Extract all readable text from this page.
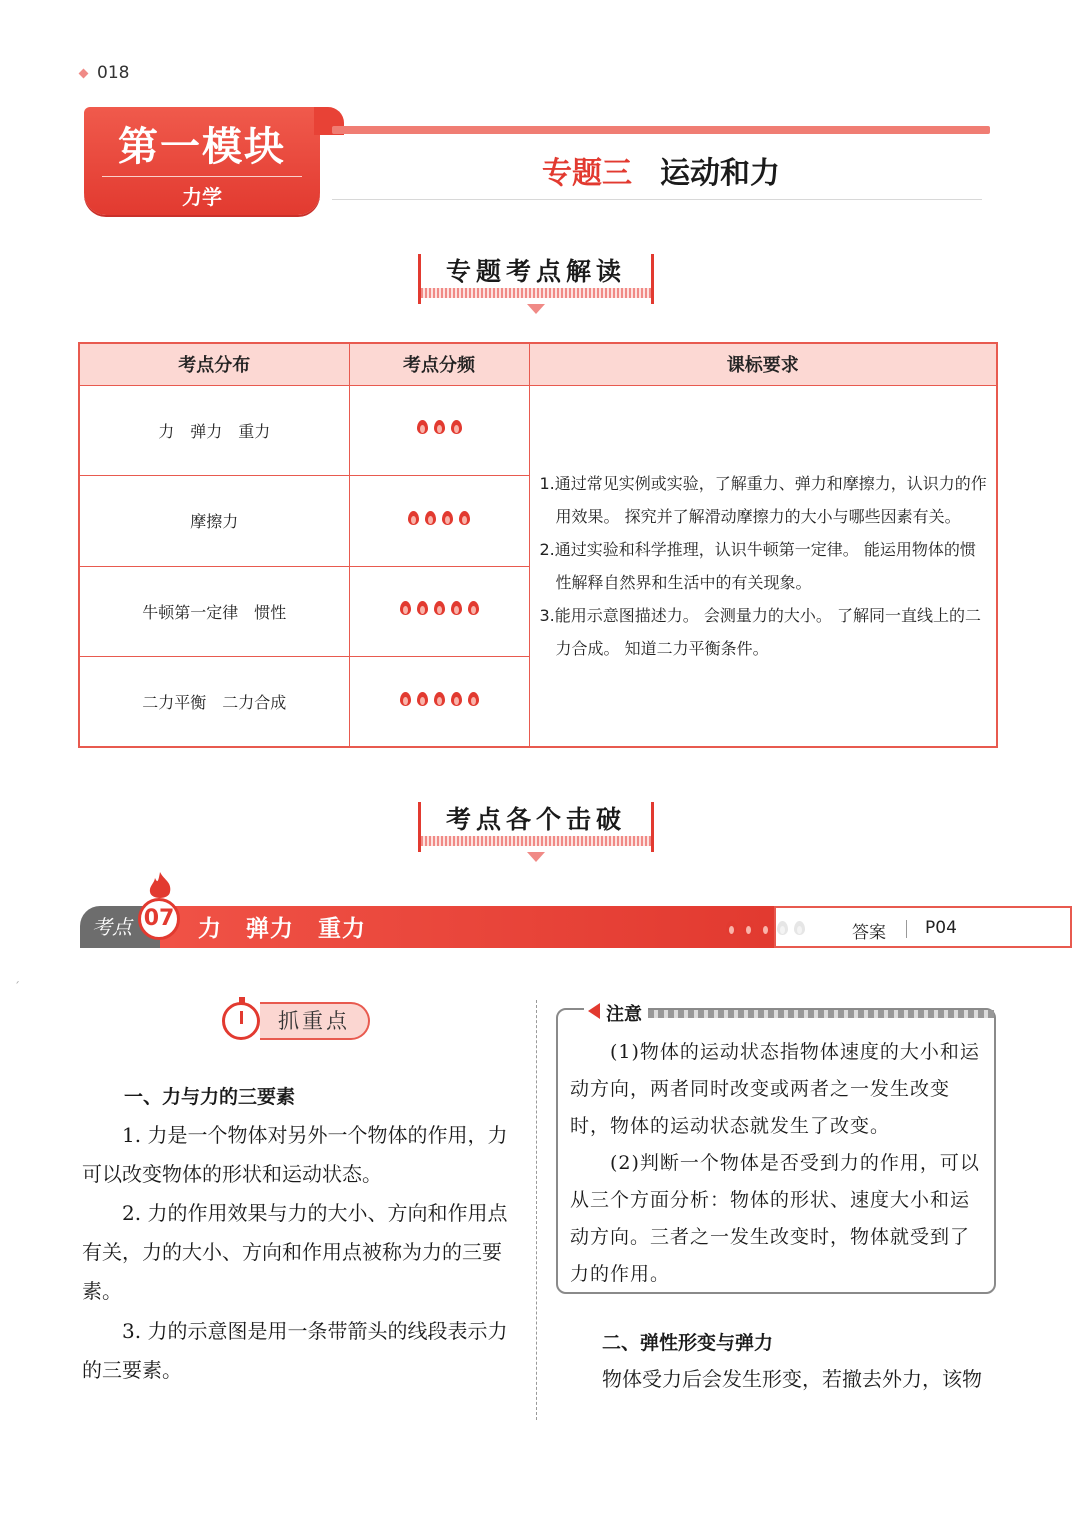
018
第一模块
力学
专题三 运动和力
专题考点解读
考点分布	考点分频	课标要求
力　弹力　重力		1.通过常见实例或实验，了解重力、弹力和摩擦力，认识力的作用效果。 探究并了解滑动摩擦力的大小与哪些因素有关。
2.通过实验和科学推理，认识牛顿第一定律。 能运用物体的惯性解释自然界和生活中的有关现象。
3.能用示意图描述力。 会测量力的大小。 了解同一直线上的二力合成。 知道二力平衡条件。

摩擦力		

牛顿第一定律　惯性		

二力平衡　二力合成		
考点各个击破
考点 07 力　弹力　重力	答案 P04
ˊ
抓重点
一、力与力的三要素
1. 力是一个物体对另外一个物体的作用，力可以改变物体的形状和运动状态。
2. 力的作用效果与力的大小、方向和作用点有关，力的大小、方向和作用点被称为力的三要素。
3. 力的示意图是用一条带箭头的线段表示力的三要素。
注意
(1)物体的运动状态指物体速度的大小和运动方向，两者同时改变或两者之一发生改变时，物体的运动状态就发生了改变。
(2)判断一个物体是否受到力的作用，可以从三个方面分析：物体的形状、速度大小和运动方向。三者之一发生改变时，物体就受到了力的作用。
二、弹性形变与弹力
物体受力后会发生形变，若撤去外力，该物
